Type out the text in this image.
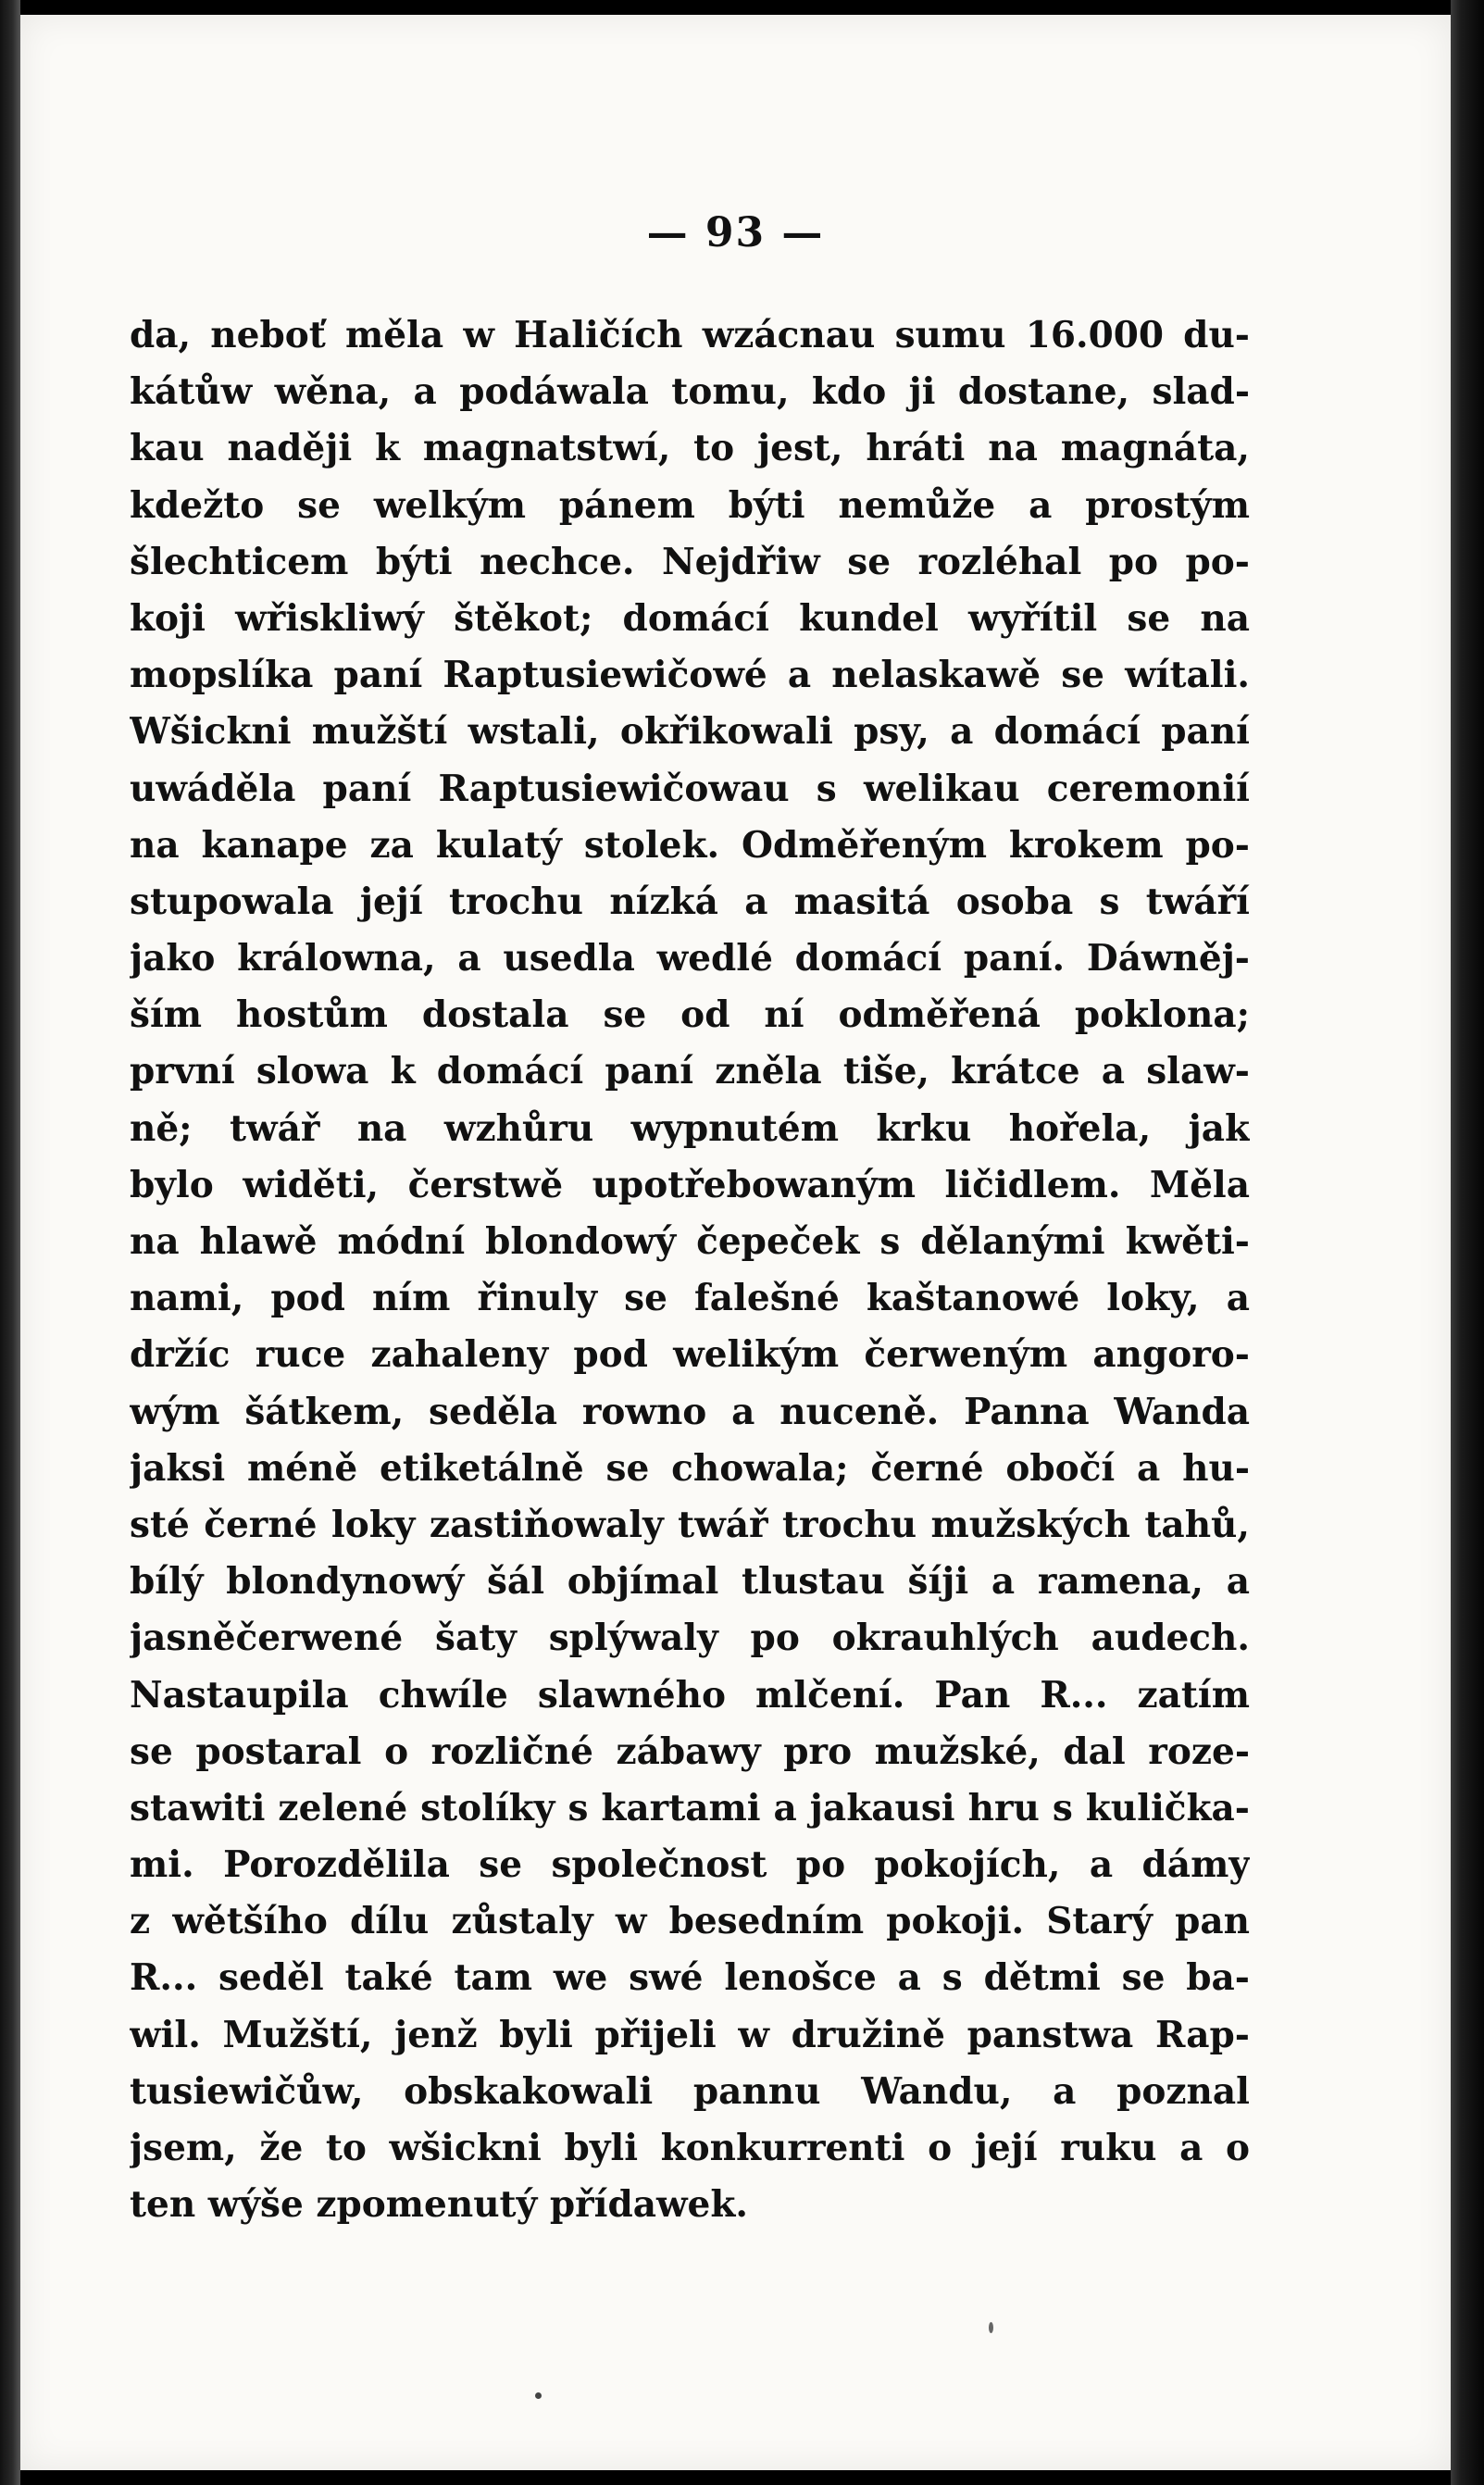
— 93 —
da, neboť měla w Haličích wzácnau sumu 16.000 du-
kátůw wěna, a podáwala tomu, kdo ji dostane, slad-
kau naději k magnatstwí, to jest, hráti na magnáta,
kdežto se welkým pánem býti nemůže a prostým
šlechticem býti nechce. Nejdřiw se rozléhal po po-
koji wřiskliwý štěkot; domácí kundel wyřítil se na
mopslíka paní Raptusiewičowé a nelaskawě se wítali.
Wšickni mužští wstali, okřikowali psy, a domácí paní
uwáděla paní Raptusiewičowau s welikau ceremonií
na kanape za kulatý stolek. Odměřeným krokem po-
stupowala její trochu nízká a masitá osoba s twáří
jako králowna, a usedla wedlé domácí paní. Dáwněj-
ším hostům dostala se od ní odměřená poklona;
první slowa k domácí paní zněla tiše, krátce a slaw-
ně; twář na wzhůru wypnutém krku hořela, jak
bylo widěti, čerstwě upotřebowaným ličidlem. Měla
na hlawě módní blondowý čepeček s dělanými kwěti-
nami, pod ním řinuly se falešné kaštanowé loky, a
držíc ruce zahaleny pod welikým čerweným angoro-
wým šátkem, seděla rowno a nuceně. Panna Wanda
jaksi méně etiketálně se chowala; černé obočí a hu-
sté černé loky zastiňowaly twář trochu mužských tahů,
bílý blondynowý šál objímal tlustau šíji a ramena, a
jasněčerwené šaty splýwaly po okrauhlých audech.
Nastaupila chwíle slawného mlčení. Pan R... zatím
se postaral o rozličné zábawy pro mužské, dal roze-
stawiti zelené stolíky s kartami a jakausi hru s kulička-
mi. Porozdělila se společnost po pokojích, a dámy
z wětšího dílu zůstaly w besedním pokoji. Starý pan
R... seděl také tam we swé lenošce a s dětmi se ba-
wil. Mužští, jenž byli přijeli w družině panstwa Rap-
tusiewičůw, obskakowali pannu Wandu, a poznal
jsem, že to wšickni byli konkurrenti o její ruku a o
ten wýše zpomenutý přídawek.
